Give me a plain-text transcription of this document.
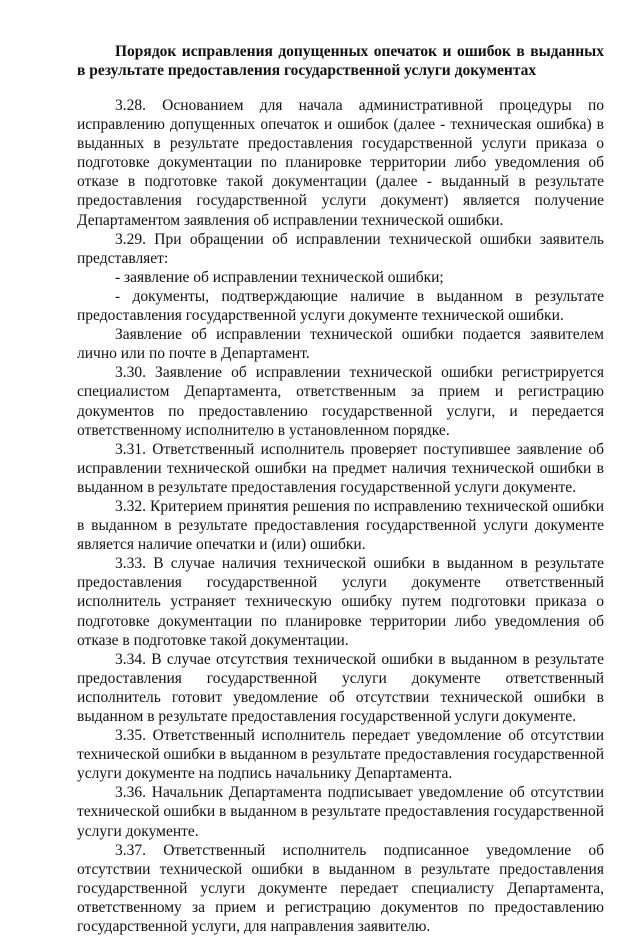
Порядок исправления допущенных опечаток и ошибок в выданных в результате предоставления государственной услуги документах

3.28. Основанием для начала административной процедуры по исправлению допущенных опечаток и ошибок (далее - техническая ошибка) в выданных в результате предоставления государственной услуги приказа о подготовке документации по планировке территории либо уведомления об отказе в подготовке такой документации (далее - выданный в результате предоставления государственной услуги документ) является получение Департаментом заявления об исправлении технической ошибки.

3.29. При обращении об исправлении технической ошибки заявитель представляет:

- заявление об исправлении технической ошибки;

- документы, подтверждающие наличие в выданном в результате предоставления государственной услуги документе технической ошибки.

Заявление об исправлении технической ошибки подается заявителем лично или по почте в Департамент.

3.30. Заявление об исправлении технической ошибки регистрируется специалистом Департамента, ответственным за прием и регистрацию документов по предоставлению государственной услуги, и передается ответственному исполнителю в установленном порядке.

3.31. Ответственный исполнитель проверяет поступившее заявление об исправлении технической ошибки на предмет наличия технической ошибки в выданном в результате предоставления государственной услуги документе.

3.32. Критерием принятия решения по исправлению технической ошибки в выданном в результате предоставления государственной услуги документе является наличие опечатки и (или) ошибки.

3.33. В случае наличия технической ошибки в выданном в результате предоставления государственной услуги документе ответственный исполнитель устраняет техническую ошибку путем подготовки приказа о подготовке документации по планировке территории либо уведомления об отказе в подготовке такой документации.

3.34. В случае отсутствия технической ошибки в выданном в результате предоставления государственной услуги документе ответственный исполнитель готовит уведомление об отсутствии технической ошибки в выданном в результате предоставления государственной услуги документе.

3.35. Ответственный исполнитель передает уведомление об отсутствии технической ошибки в выданном в результате предоставления государственной услуги документе на подпись начальнику Департамента.

3.36. Начальник Департамента подписывает уведомление об отсутствии технической ошибки в выданном в результате предоставления государственной услуги документе.

3.37. Ответственный исполнитель подписанное уведомление об отсутствии технической ошибки в выданном в результате предоставления государственной услуги документе передает специалисту Департамента, ответственному за прием и регистрацию документов по предоставлению государственной услуги, для направления заявителю.
